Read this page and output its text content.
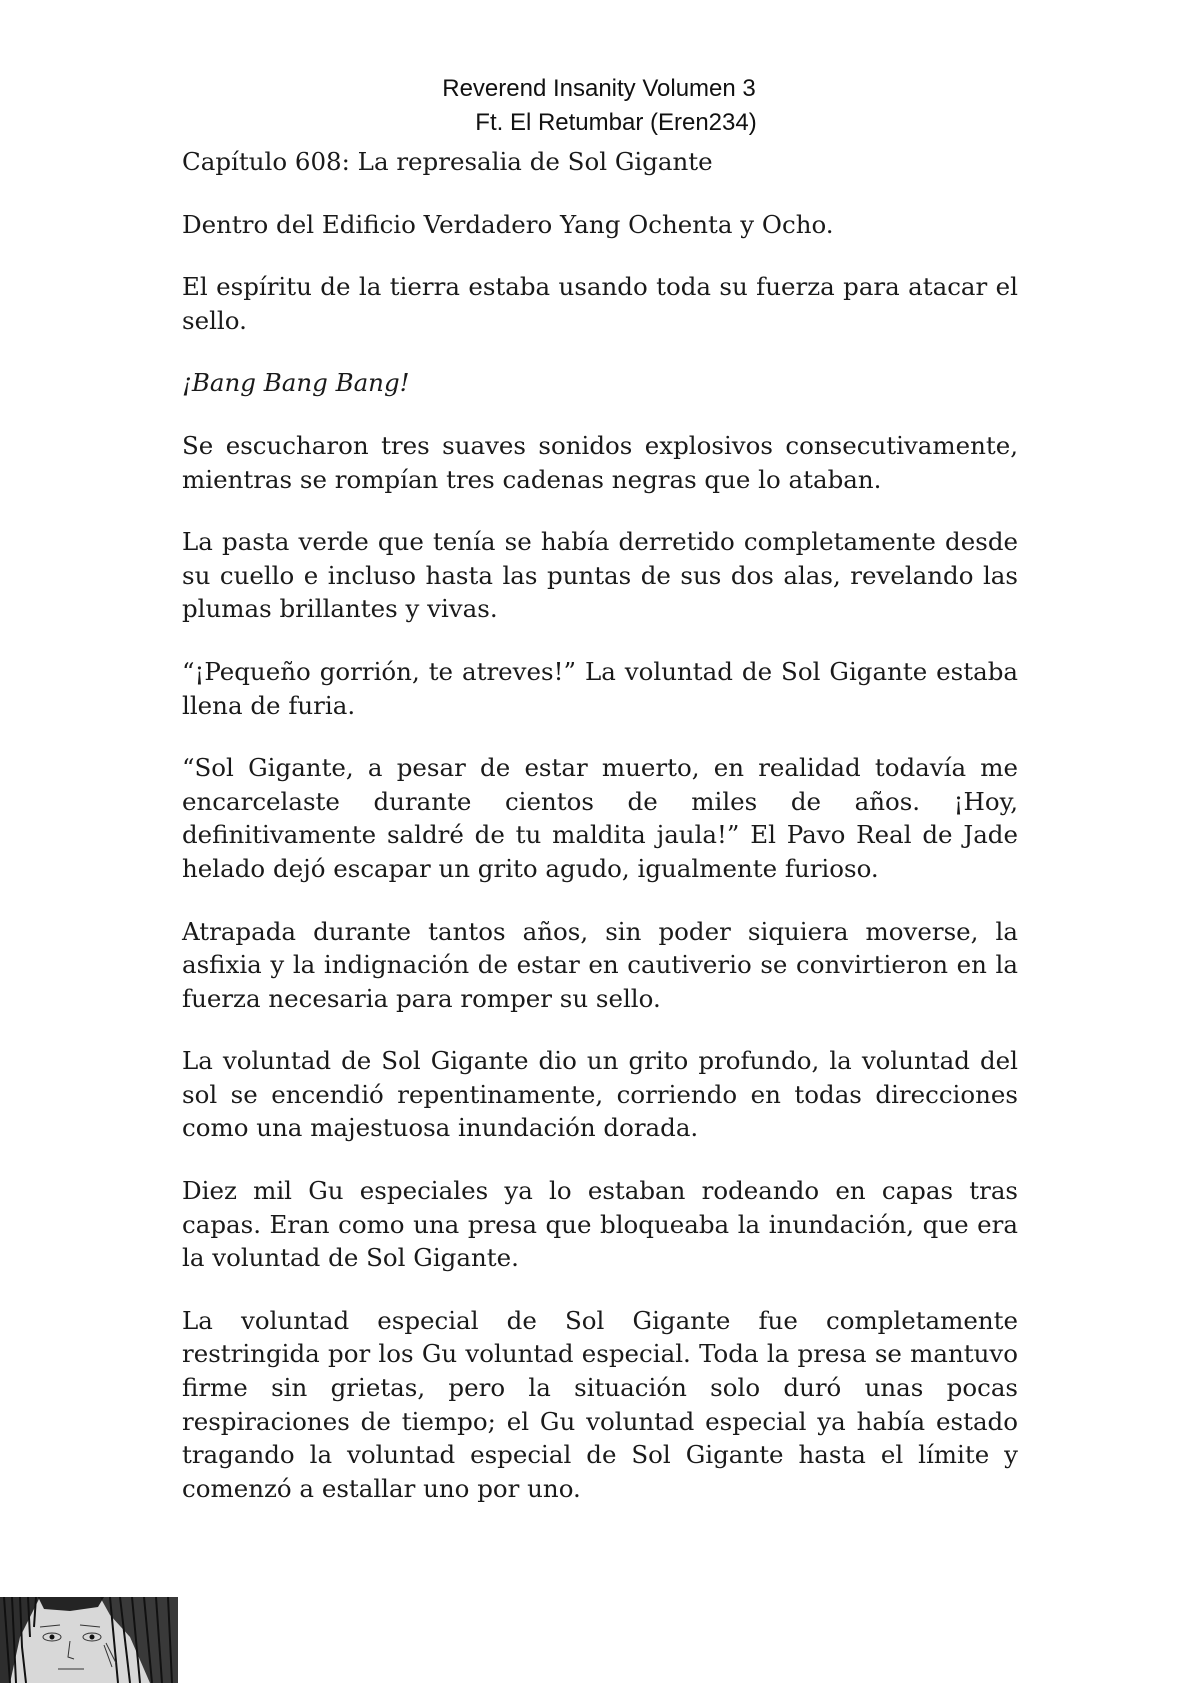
Reverend Insanity Volumen 3
Ft. El Retumbar (Eren234)

Capítulo 608: La represalia de Sol Gigante

Dentro del Edificio Verdadero Yang Ochenta y Ocho.

El espíritu de la tierra estaba usando toda su fuerza para atacar el sello.

¡Bang Bang Bang!

Se escucharon tres suaves sonidos explosivos consecutivamente, mientras se rompían tres cadenas negras que lo ataban.

La pasta verde que tenía se había derretido completamente desde su cuello e incluso hasta las puntas de sus dos alas, revelando las plumas brillantes y vivas.

“¡Pequeño gorrión, te atreves!” La voluntad de Sol Gigante estaba llena de furia.

“Sol Gigante, a pesar de estar muerto, en realidad todavía me encarcelaste durante cientos de miles de años. ¡Hoy, definitivamente saldré de tu maldita jaula!” El Pavo Real de Jade helado dejó escapar un grito agudo, igualmente furioso.

Atrapada durante tantos años, sin poder siquiera moverse, la asfixia y la indignación de estar en cautiverio se convirtieron en la fuerza necesaria para romper su sello.

La voluntad de Sol Gigante dio un grito profundo, la voluntad del sol se encendió repentinamente, corriendo en todas direcciones como una majestuosa inundación dorada.

Diez mil Gu especiales ya lo estaban rodeando en capas tras capas. Eran como una presa que bloqueaba la inundación, que era la voluntad de Sol Gigante.

La voluntad especial de Sol Gigante fue completamente restringida por los Gu voluntad especial. Toda la presa se mantuvo firme sin grietas, pero la situación solo duró unas pocas respiraciones de tiempo; el Gu voluntad especial ya había estado tragando la voluntad especial de Sol Gigante hasta el límite y comenzó a estallar uno por uno.
